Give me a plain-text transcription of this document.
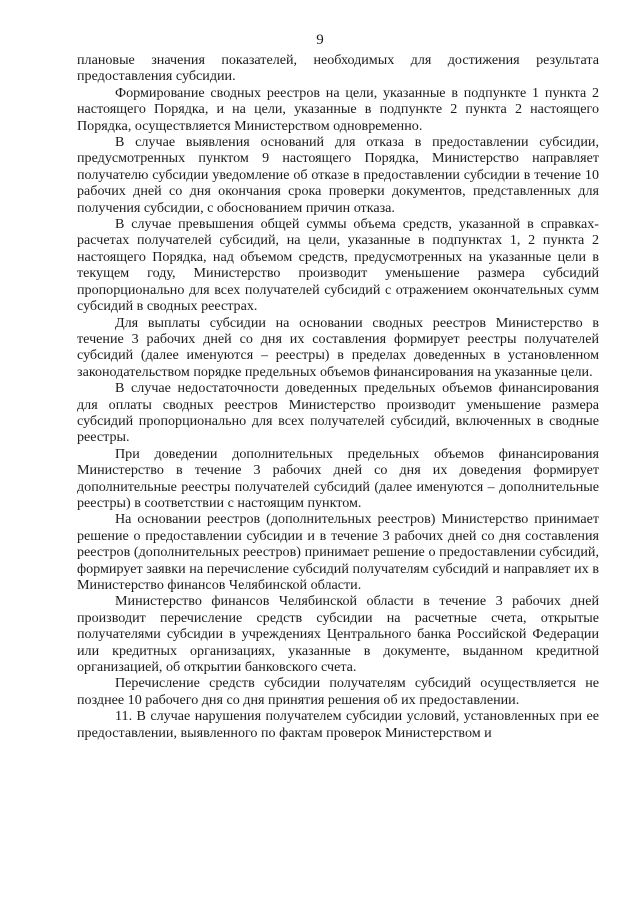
9

плановые значения показателей, необходимых для достижения результата предоставления субсидии.

Формирование сводных реестров на цели, указанные в подпункте 1 пункта 2 настоящего Порядка, и на цели, указанные в подпункте 2 пункта 2 настоящего Порядка, осуществляется Министерством одновременно.

В случае выявления оснований для отказа в предоставлении субсидии, предусмотренных пунктом 9 настоящего Порядка, Министерство направляет получателю субсидии уведомление об отказе в предоставлении субсидии в течение 10 рабочих дней со дня окончания срока проверки документов, представленных для получения субсидии, с обоснованием причин отказа.

В случае превышения общей суммы объема средств, указанной в справках-расчетах получателей субсидий, на цели, указанные в подпунктах 1, 2 пункта 2 настоящего Порядка, над объемом средств, предусмотренных на указанные цели в текущем году, Министерство производит уменьшение размера субсидий пропорционально для всех получателей субсидий с отражением окончательных сумм субсидий в сводных реестрах.

Для выплаты субсидии на основании сводных реестров Министерство в течение 3 рабочих дней со дня их составления формирует реестры получателей субсидий (далее именуются – реестры) в пределах доведенных в установленном законодательством порядке предельных объемов финансирования на указанные цели.

В случае недостаточности доведенных предельных объемов финансирования для оплаты сводных реестров Министерство производит уменьшение размера субсидий пропорционально для всех получателей субсидий, включенных в сводные реестры.

При доведении дополнительных предельных объемов финансирования Министерство в течение 3 рабочих дней со дня их доведения формирует дополнительные реестры получателей субсидий (далее именуются – дополнительные реестры) в соответствии с настоящим пунктом.

На основании реестров (дополнительных реестров) Министерство принимает решение о предоставлении субсидии и в течение 3 рабочих дней со дня составления реестров (дополнительных реестров) принимает решение о предоставлении субсидий, формирует заявки на перечисление субсидий получателям субсидий и направляет их в Министерство финансов Челябинской области.

Министерство финансов Челябинской области в течение 3 рабочих дней производит перечисление средств субсидии на расчетные счета, открытые получателями субсидии в учреждениях Центрального банка Российской Федерации или кредитных организациях, указанные в документе, выданном кредитной организацией, об открытии банковского счета.

Перечисление средств субсидии получателям субсидий осуществляется не позднее 10 рабочего дня со дня принятия решения об их предоставлении.

11. В случае нарушения получателем субсидии условий, установленных при ее предоставлении, выявленного по фактам проверок Министерством и
